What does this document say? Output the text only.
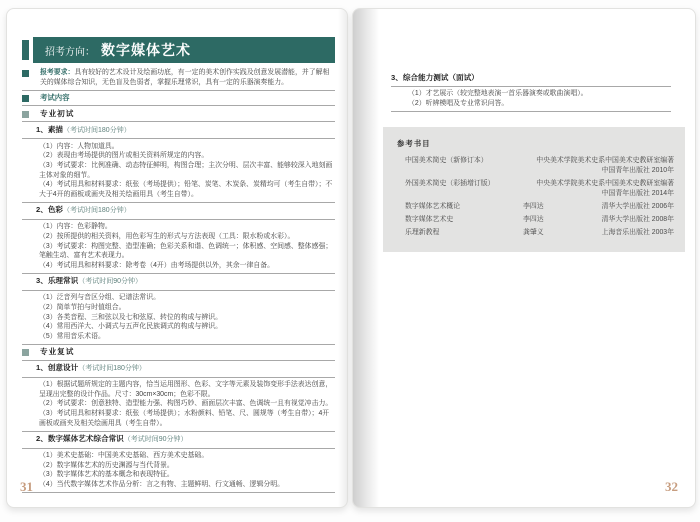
招考方向： 数字媒体艺术
报考要求：具有较好的艺术设计及绘画功底，有一定的美术创作实践及创意发展潜能，并了解相关的媒体综合知识，无色盲及色弱者，掌握乐理常识，具有一定的乐器演奏能力。
考试内容
专业初试
1、素描（考试时间180分钟）
（1）内容：人物加道具。
（2）表现由考场提供的图片或相关资料所规定的内容。
（3）考试要求：比例准确、动态特征鲜明，构图合理；主次分明、层次丰富、能够较深入地刻画主体对象的细节。
（4）考试用具和材料要求：纸张（考场提供）；铅笔、炭笔、木炭条、炭精均可（考生自带）；不大于4开的画板或画夹及相关绘画用具（考生自带）。
2、色彩（考试时间180分钟）
（1）内容：色彩静物。
（2）按所提供的相关资料，用色彩写生的形式与方法表现（工具：限水粉或水彩）。
（3）考试要求：构图完整、造型准确；色彩关系和谐、色调统一；体积感、空间感、整体感强；笔触生动、富有艺术表现力。
（4）考试用具和材料要求：除考卷（4开）由考场提供以外，其余一律自备。
3、乐理常识（考试时间90分钟）
（1）泛音列与音区分组、记谱法常识。
（2）简单节拍与时值组合。
（3）各类音程、三和弦以及七和弦原、转位的构成与辨识。
（4）常用西洋大、小调式与五声化民族调式的构成与辨识。
（5）常用音乐术语。
专业复试
1、创意设计（考试时间180分钟）
（1）根据试题所规定的主题内容，恰当运用图形、色彩、文字等元素及装饰变形手法表达创意，呈现出完整的设计作品。尺寸：30cm×30cm；色彩不限。
（2）考试要求：创意独特、造型能力强、构图巧妙、画面层次丰富、色调统一且有视觉冲击力。
（3）考试用具和材料要求：纸张（考场提供）；水粉颜料、铅笔、尺、圆规等（考生自带）；4开画板或画夹及相关绘画用具（考生自带）。
2、数字媒体艺术综合常识（考试时间90分钟）
（1）美术史基础：中国美术史基础、西方美术史基础。
（2）数字媒体艺术的历史渊源与当代背景。
（3）数字媒体艺术的基本概念和表现特征。
（4）当代数字媒体艺术作品分析：言之有物、主题鲜明、行文通畅、逻辑分明。
31
3、综合能力测试（面试）
（1）才艺展示（较完整地表演一首乐器演奏或歌曲演唱）。
（2）听辨模唱及专业常识问答。
参考书目
中国美术简史（新修订本）	中央美术学院美术史系中国美术史教研室编著
中国青年出版社 2010年
外国美术简史（彩插增订版）	中央美术学院美术史系中国美术史教研室编著
中国青年出版社 2014年
数字媒体艺术概论	李四达	清华大学出版社 2006年
数字媒体艺术史	李四达	清华大学出版社 2008年
乐理新教程	龚肇义	上海音乐出版社 2003年
32
